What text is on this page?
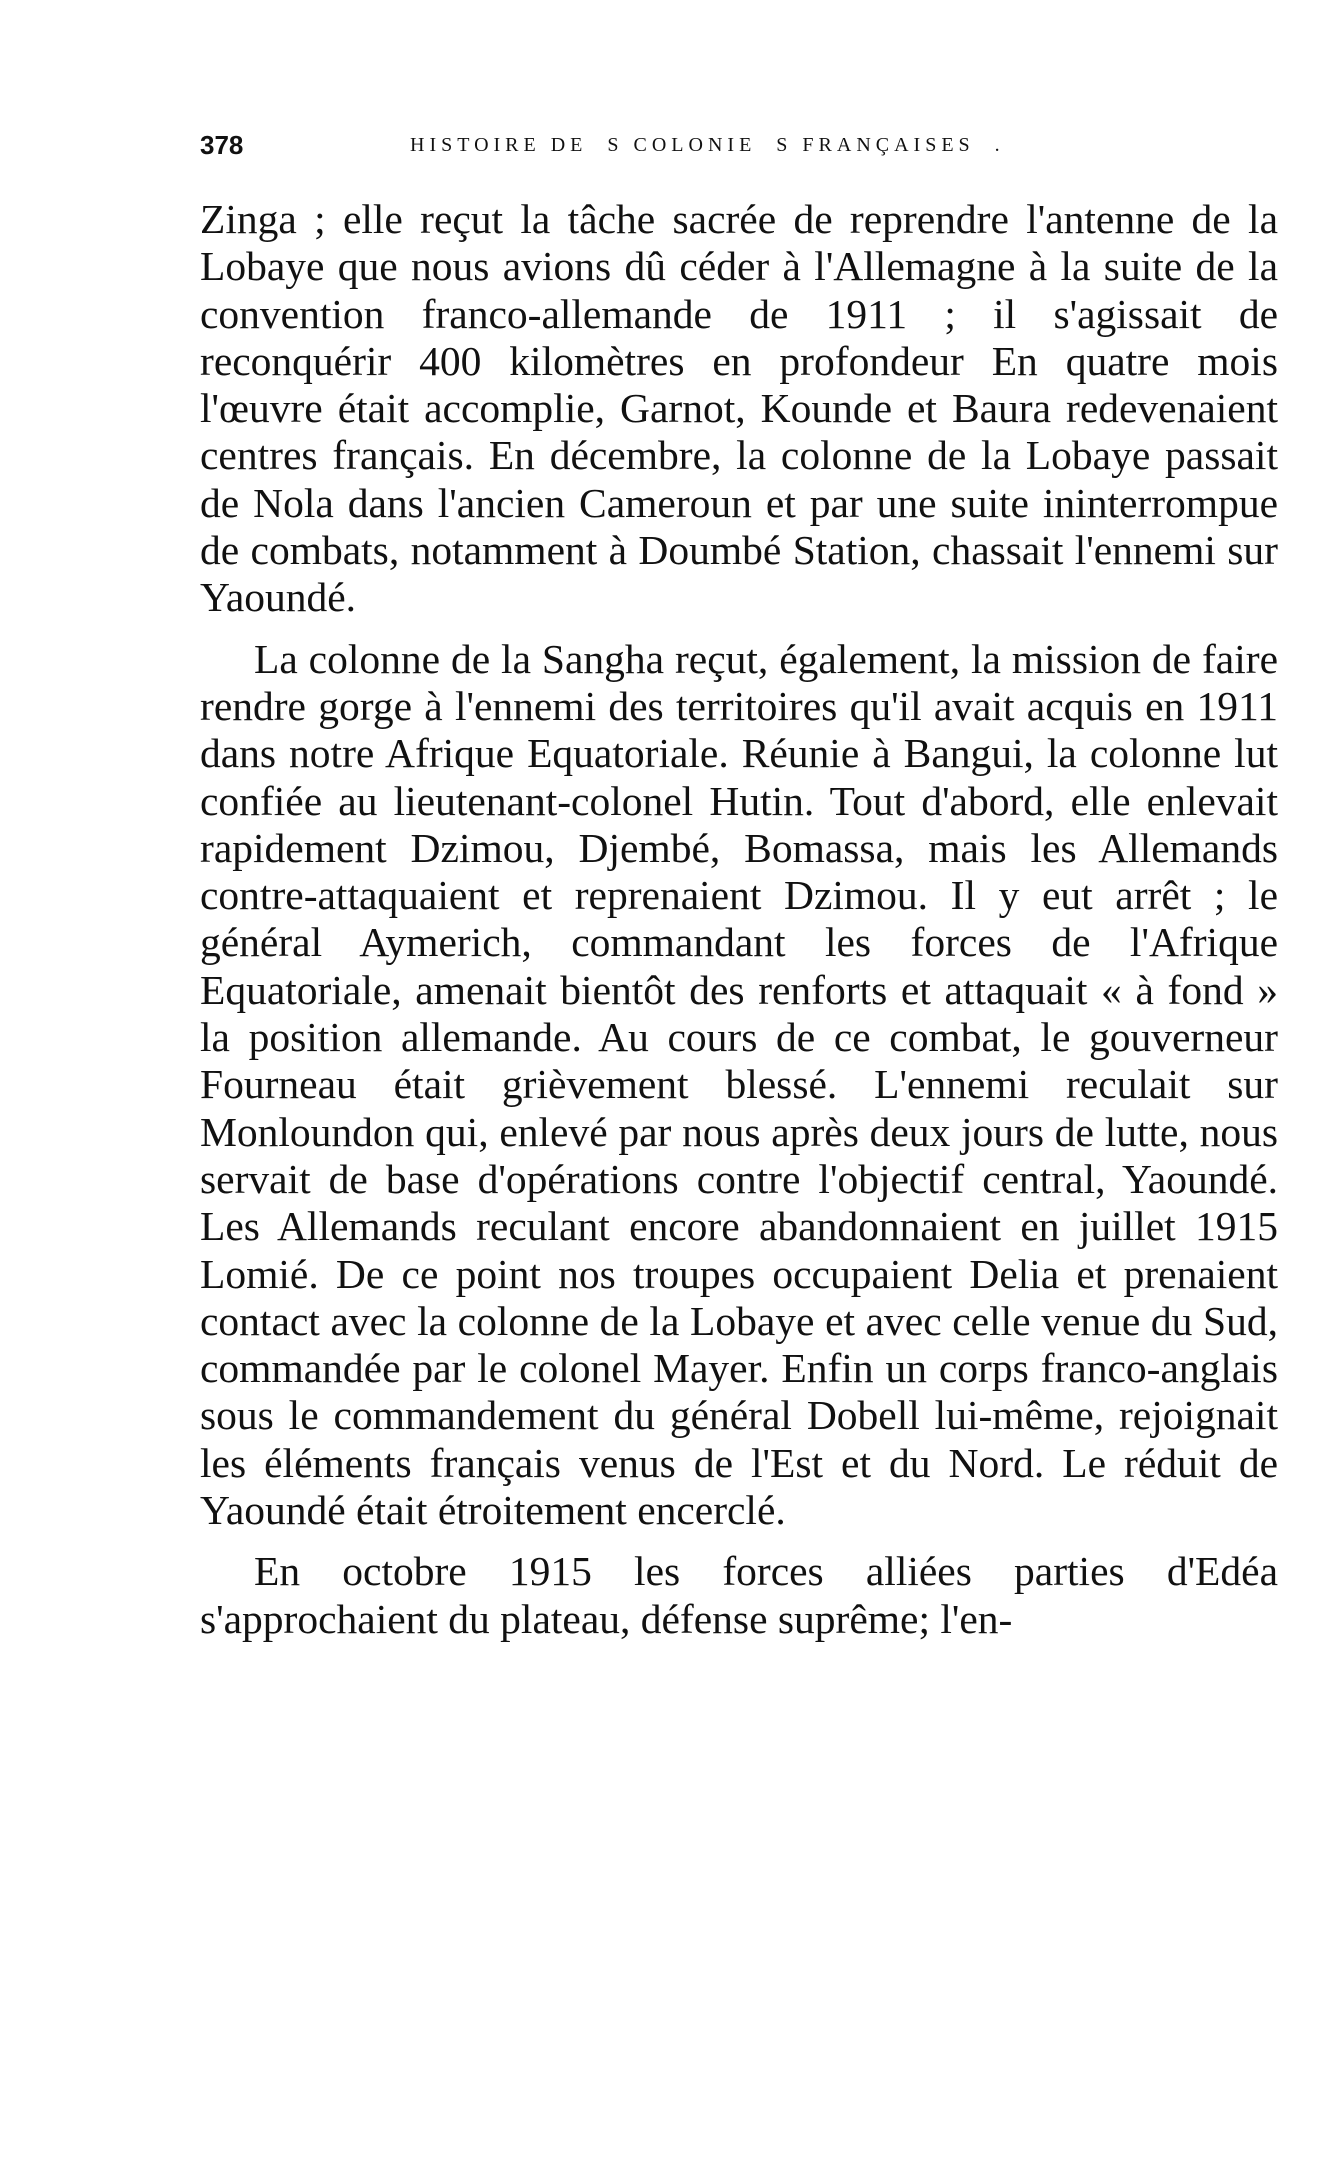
378	HISTOIRE DE  S COLONIE  S FRANÇAISES  .

Zinga ; elle reçut la tâche sacrée de reprendre l'antenne de la Lobaye que nous avions dû céder à l'Allemagne à la suite de la convention franco-allemande de 1911 ; il s'agissait de reconquérir 400 kilomètres en profondeur En quatre mois l'œuvre était accomplie, Garnot, Kounde et Baura redevenaient centres français. En décembre, la colonne de la Lobaye passait de Nola dans l'ancien Cameroun et par une suite ininterrompue de combats, notamment à Doumbé Station, chassait l'ennemi sur Yaoundé.

La colonne de la Sangha reçut, également, la mission de faire rendre gorge à l'ennemi des territoires qu'il avait acquis en 1911 dans notre Afrique Equatoriale. Réunie à Bangui, la colonne lut confiée au lieutenant-colonel Hutin. Tout d'abord, elle enlevait rapidement Dzimou, Djembé, Bomassa, mais les Allemands contre-attaquaient et reprenaient Dzimou. Il y eut arrêt ; le général Aymerich, commandant les forces de l'Afrique Equatoriale, amenait bientôt des renforts et attaquait « à fond » la position allemande. Au cours de ce combat, le gouverneur Fourneau était grièvement blessé. L'ennemi reculait sur Monloundon qui, enlevé par nous après deux jours de lutte, nous servait de base d'opérations contre l'objectif central, Yaoundé. Les Allemands reculant encore abandonnaient en juillet 1915 Lomié. De ce point nos troupes occupaient Delia et prenaient contact avec la colonne de la Lobaye et avec celle venue du Sud, commandée par le colonel Mayer. Enfin un corps franco-anglais sous le commandement du général Dobell lui-même, rejoignait les éléments français venus de l'Est et du Nord. Le réduit de Yaoundé était étroitement encerclé.

En octobre 1915 les forces alliées parties d'Edéa s'approchaient du plateau, défense suprême; l'en-
